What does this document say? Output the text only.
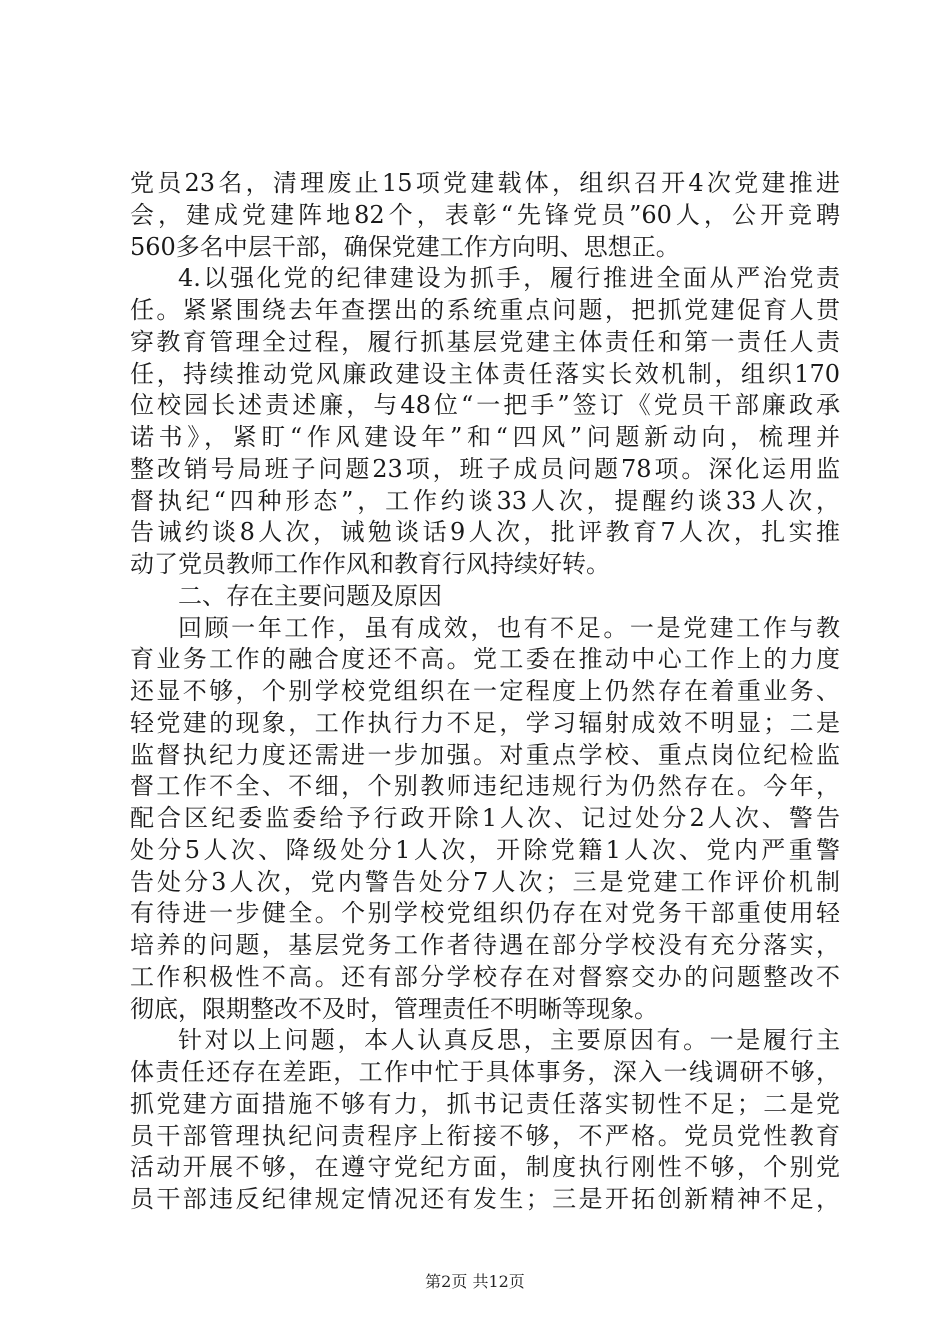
党员23名，清理废止15项党建载体，组织召开4次党建推进
会，建成党建阵地82个，表彰“先锋党员”60人，公开竞聘
560多名中层干部，确保党建工作方向明、思想正。
4.以强化党的纪律建设为抓手，履行推进全面从严治党责
任。紧紧围绕去年查摆出的系统重点问题，把抓党建促育人贯
穿教育管理全过程，履行抓基层党建主体责任和第一责任人责
任，持续推动党风廉政建设主体责任落实长效机制，组织170
位校园长述责述廉，与48位“一把手”签订《党员干部廉政承
诺书》，紧盯“作风建设年”和“四风”问题新动向，梳理并
整改销号局班子问题23项，班子成员问题78项。深化运用监
督执纪“四种形态”，工作约谈33人次，提醒约谈33人次，
告诫约谈8人次，诫勉谈话9人次，批评教育7人次，扎实推
动了党员教师工作作风和教育行风持续好转。
二、存在主要问题及原因
回顾一年工作，虽有成效，也有不足。一是党建工作与教
育业务工作的融合度还不高。党工委在推动中心工作上的力度
还显不够，个别学校党组织在一定程度上仍然存在着重业务、
轻党建的现象，工作执行力不足，学习辐射成效不明显；二是
监督执纪力度还需进一步加强。对重点学校、重点岗位纪检监
督工作不全、不细，个别教师违纪违规行为仍然存在。今年，
配合区纪委监委给予行政开除1人次、记过处分2人次、警告
处分5人次、降级处分1人次，开除党籍1人次、党内严重警
告处分3人次，党内警告处分7人次；三是党建工作评价机制
有待进一步健全。个别学校党组织仍存在对党务干部重使用轻
培养的问题，基层党务工作者待遇在部分学校没有充分落实，
工作积极性不高。还有部分学校存在对督察交办的问题整改不
彻底，限期整改不及时，管理责任不明晰等现象。
针对以上问题，本人认真反思，主要原因有。一是履行主
体责任还存在差距，工作中忙于具体事务，深入一线调研不够，
抓党建方面措施不够有力，抓书记责任落实韧性不足；二是党
员干部管理执纪问责程序上衔接不够，不严格。党员党性教育
活动开展不够，在遵守党纪方面，制度执行刚性不够，个别党
员干部违反纪律规定情况还有发生；三是开拓创新精神不足，
第2页 共12页
